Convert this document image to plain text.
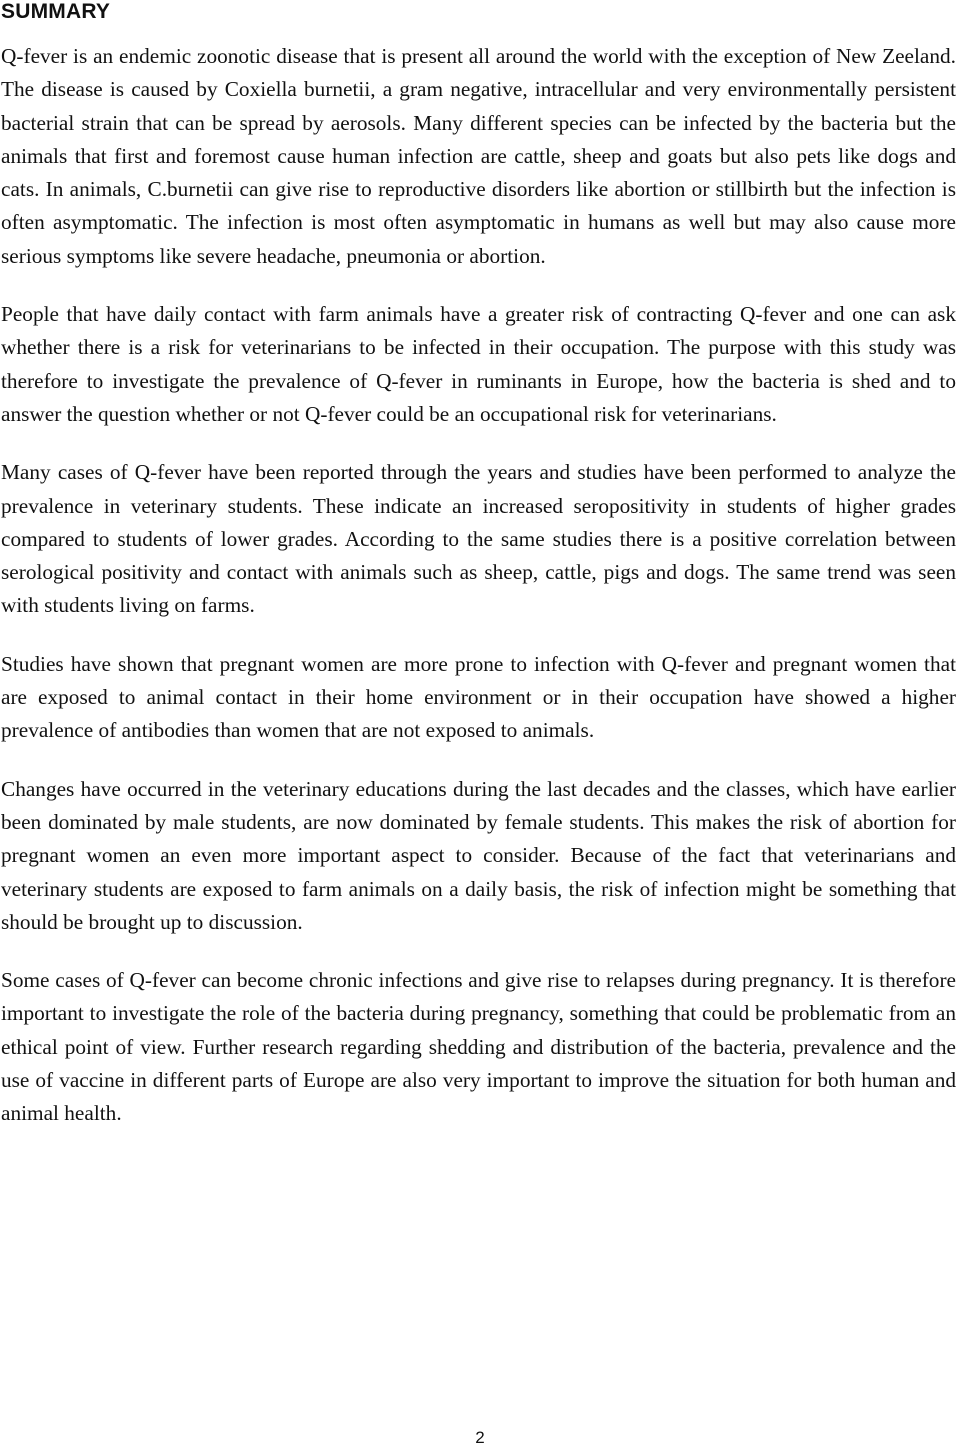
SUMMARY

Q-fever is an endemic zoonotic disease that is present all around the world with the exception of New Zeeland. The disease is caused by Coxiella burnetii, a gram negative, intracellular and very environmentally persistent bacterial strain that can be spread by aerosols. Many different species can be infected by the bacteria but the animals that first and foremost cause human infection are cattle, sheep and goats but also pets like dogs and cats. In animals, C.burnetii can give rise to reproductive disorders like abortion or stillbirth but the infection is often asymptomatic. The infection is most often asymptomatic in humans as well but may also cause more serious symptoms like severe headache, pneumonia or abortion.

People that have daily contact with farm animals have a greater risk of contracting Q-fever and one can ask whether there is a risk for veterinarians to be infected in their occupation. The purpose with this study was therefore to investigate the prevalence of Q-fever in ruminants in Europe, how the bacteria is shed and to answer the question whether or not Q-fever could be an occupational risk for veterinarians.

Many cases of Q-fever have been reported through the years and studies have been performed to analyze the prevalence in veterinary students. These indicate an increased seropositivity in students of higher grades compared to students of lower grades. According to the same studies there is a positive correlation between serological positivity and contact with animals such as sheep, cattle, pigs and dogs. The same trend was seen with students living on farms.

Studies have shown that pregnant women are more prone to infection with Q-fever and pregnant women that are exposed to animal contact in their home environment or in their occupation have showed a higher prevalence of antibodies than women that are not exposed to animals.

Changes have occurred in the veterinary educations during the last decades and the classes, which have earlier been dominated by male students, are now dominated by female students. This makes the risk of abortion for pregnant women an even more important aspect to consider. Because of the fact that veterinarians and veterinary students are exposed to farm animals on a daily basis, the risk of infection might be something that should be brought up to discussion.

Some cases of Q-fever can become chronic infections and give rise to relapses during pregnancy. It is therefore important to investigate the role of the bacteria during pregnancy, something that could be problematic from an ethical point of view. Further research regarding shedding and distribution of the bacteria, prevalence and the use of vaccine in different parts of Europe are also very important to improve the situation for both human and animal health.

2
